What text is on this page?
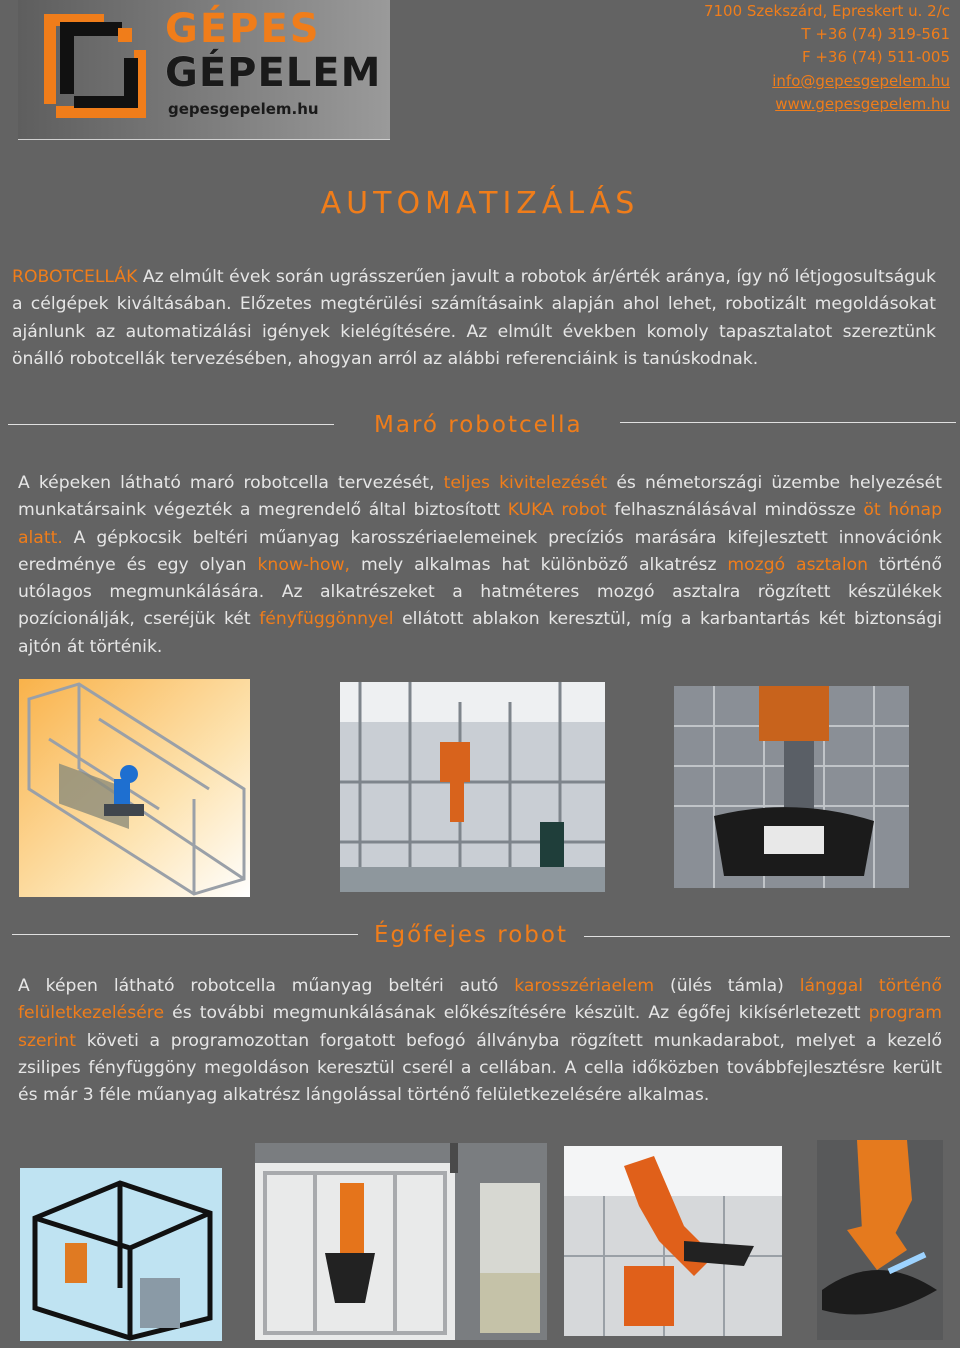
GÉPES
GÉPELEM
gepesgepelem.hu
7100 Szekszárd, Epreskert u. 2/c
T +36 (74) 319-561
F +36 (74) 511-005
info@gepesgepelem.hu
www.gepesgepelem.hu
AUTOMATIZÁLÁS
ROBOTCELLÁK Az elmúlt évek során ugrásszerűen javult a robotok ár/érték aránya, így nő létjogosultságuk a célgépek kiváltásában. Előzetes megtérülési számításaink alapján ahol lehet, robotizált megoldásokat ajánlunk az automatizálási igények kielégítésére. Az elmúlt években komoly tapasztalatot szereztünk önálló robotcellák tervezésében, ahogyan arról az alábbi referenciáink is tanúskodnak.
Maró robotcella
A képeken látható maró robotcella tervezését, teljes kivitelezését és németországi üzembe helyezését munkatársaink végezték a megrendelő által biztosított KUKA robot felhasználásával mindössze öt hónap alatt. A gépkocsik beltéri műanyag karosszériaelemeinek precíziós marására kifejlesztett innovációnk eredménye és egy olyan know-how, mely alkalmas hat különböző alkatrész mozgó asztalon történő utólagos megmunkálására. Az alkatrészeket a hatméteres mozgó asztalra rögzített készülékek pozícionálják, cseréjük két fényfüggönnyel ellátott ablakon keresztül, míg a karbantartás két biztonsági ajtón át történik.
Égőfejes robot
A képen látható robotcella műanyag beltéri autó karosszériaelem (ülés támla) lánggal történő felületkezelésére és további megmunkálásának előkészítésére készült. Az égőfej kikísérletezett program szerint követi a programozottan forgatott befogó állványba rögzített munkadarabot, melyet a kezelő zsilipes fényfüggöny megoldáson keresztül cserél a cellában. A cella időközben továbbfejlesztésre került és már 3 féle műanyag alkatrész lángolással történő felületkezelésére alkalmas.
